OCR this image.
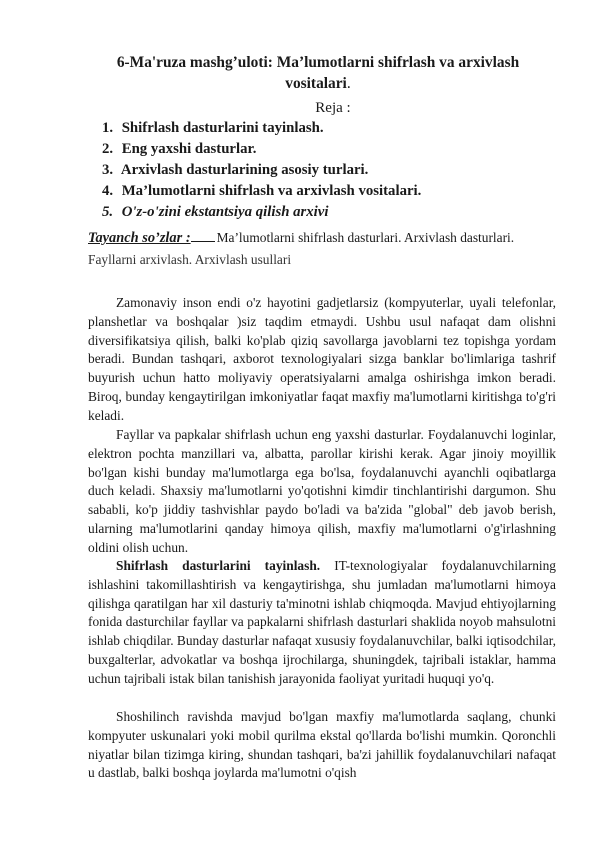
6-Ma'ruza mashg’uloti: Ma’lumotlarni shifrlash va arxivlash
vositalari.
Reja :
1. Shifrlash dasturlarini tayinlash.
2. Eng yaxshi dasturlar.
3. Arxivlash dasturlarining asosiy turlari.
4. Ma’lumotlarni shifrlash va arxivlash vositalari.
5. O'z-o'zini ekstantsiya qilish arxivi
Tayanch so’zlar : Ma’lumotlarni shifrlash dasturlari. Arxivlash dasturlari.
Fayllarni arxivlash. Arxivlash usullari

Zamonaviy inson endi o'z hayotini gadjetlarsiz (kompyuterlar, uyali telefonlar, planshetlar va boshqalar )siz taqdim etmaydi. Ushbu usul nafaqat dam olishni diversifikatsiya qilish, balki ko'plab qiziq savollarga javoblarni tez topishga yordam beradi. Bundan tashqari, axborot texnologiyalari sizga banklar bo'limlariga tashrif buyurish uchun hatto moliyaviy operatsiyalarni amalga oshirishga imkon beradi. Biroq, bunday kengaytirilgan imkoniyatlar faqat maxfiy ma'lumotlarni kiritishga to'g'ri keladi.

Fayllar va papkalar shifrlash uchun eng yaxshi dasturlar. Foydalanuvchi loginlar, elektron pochta manzillari va, albatta, parollar kirishi kerak. Agar jinoiy moyillik bo'lgan kishi bunday ma'lumotlarga ega bo'lsa, foydalanuvchi ayanchli oqibatlarga duch keladi. Shaxsiy ma'lumotlarni yo'qotishni kimdir tinchlantirishi dargumon. Shu sababli, ko'p jiddiy tashvishlar paydo bo'ladi va ba'zida "global" deb javob berish, ularning ma'lumotlarini qanday himoya qilish, maxfiy ma'lumotlarni o'g'irlashning oldini olish uchun.

Shifrlash dasturlarini tayinlash. IT-texnologiyalar foydalanuvchilarning ishlashini takomillashtirish va kengaytirishga, shu jumladan ma'lumotlarni himoya qilishga qaratilgan har xil dasturiy ta'minotni ishlab chiqmoqda. Mavjud ehtiyojlarning fonida dasturchilar fayllar va papkalarni shifrlash dasturlari shaklida noyob mahsulotni ishlab chiqdilar. Bunday dasturlar nafaqat xususiy foydalanuvchilar, balki iqtisodchilar, buxgalterlar, advokatlar va boshqa ijrochilarga, shuningdek, tajribali istaklar, hamma uchun tajribali istak bilan tanishish jarayonida faoliyat yuritadi huquqi yo'q.

Shoshilinch ravishda mavjud bo'lgan maxfiy ma'lumotlarda saqlang, chunki kompyuter uskunalari yoki mobil qurilma ekstal qo'llarda bo'lishi mumkin. Qoronchli niyatlar bilan tizimga kiring, shundan tashqari, ba'zi jahillik foydalanuvchilari nafaqat u dastlab, balki boshqa joylarda ma'lumotni o'qish
